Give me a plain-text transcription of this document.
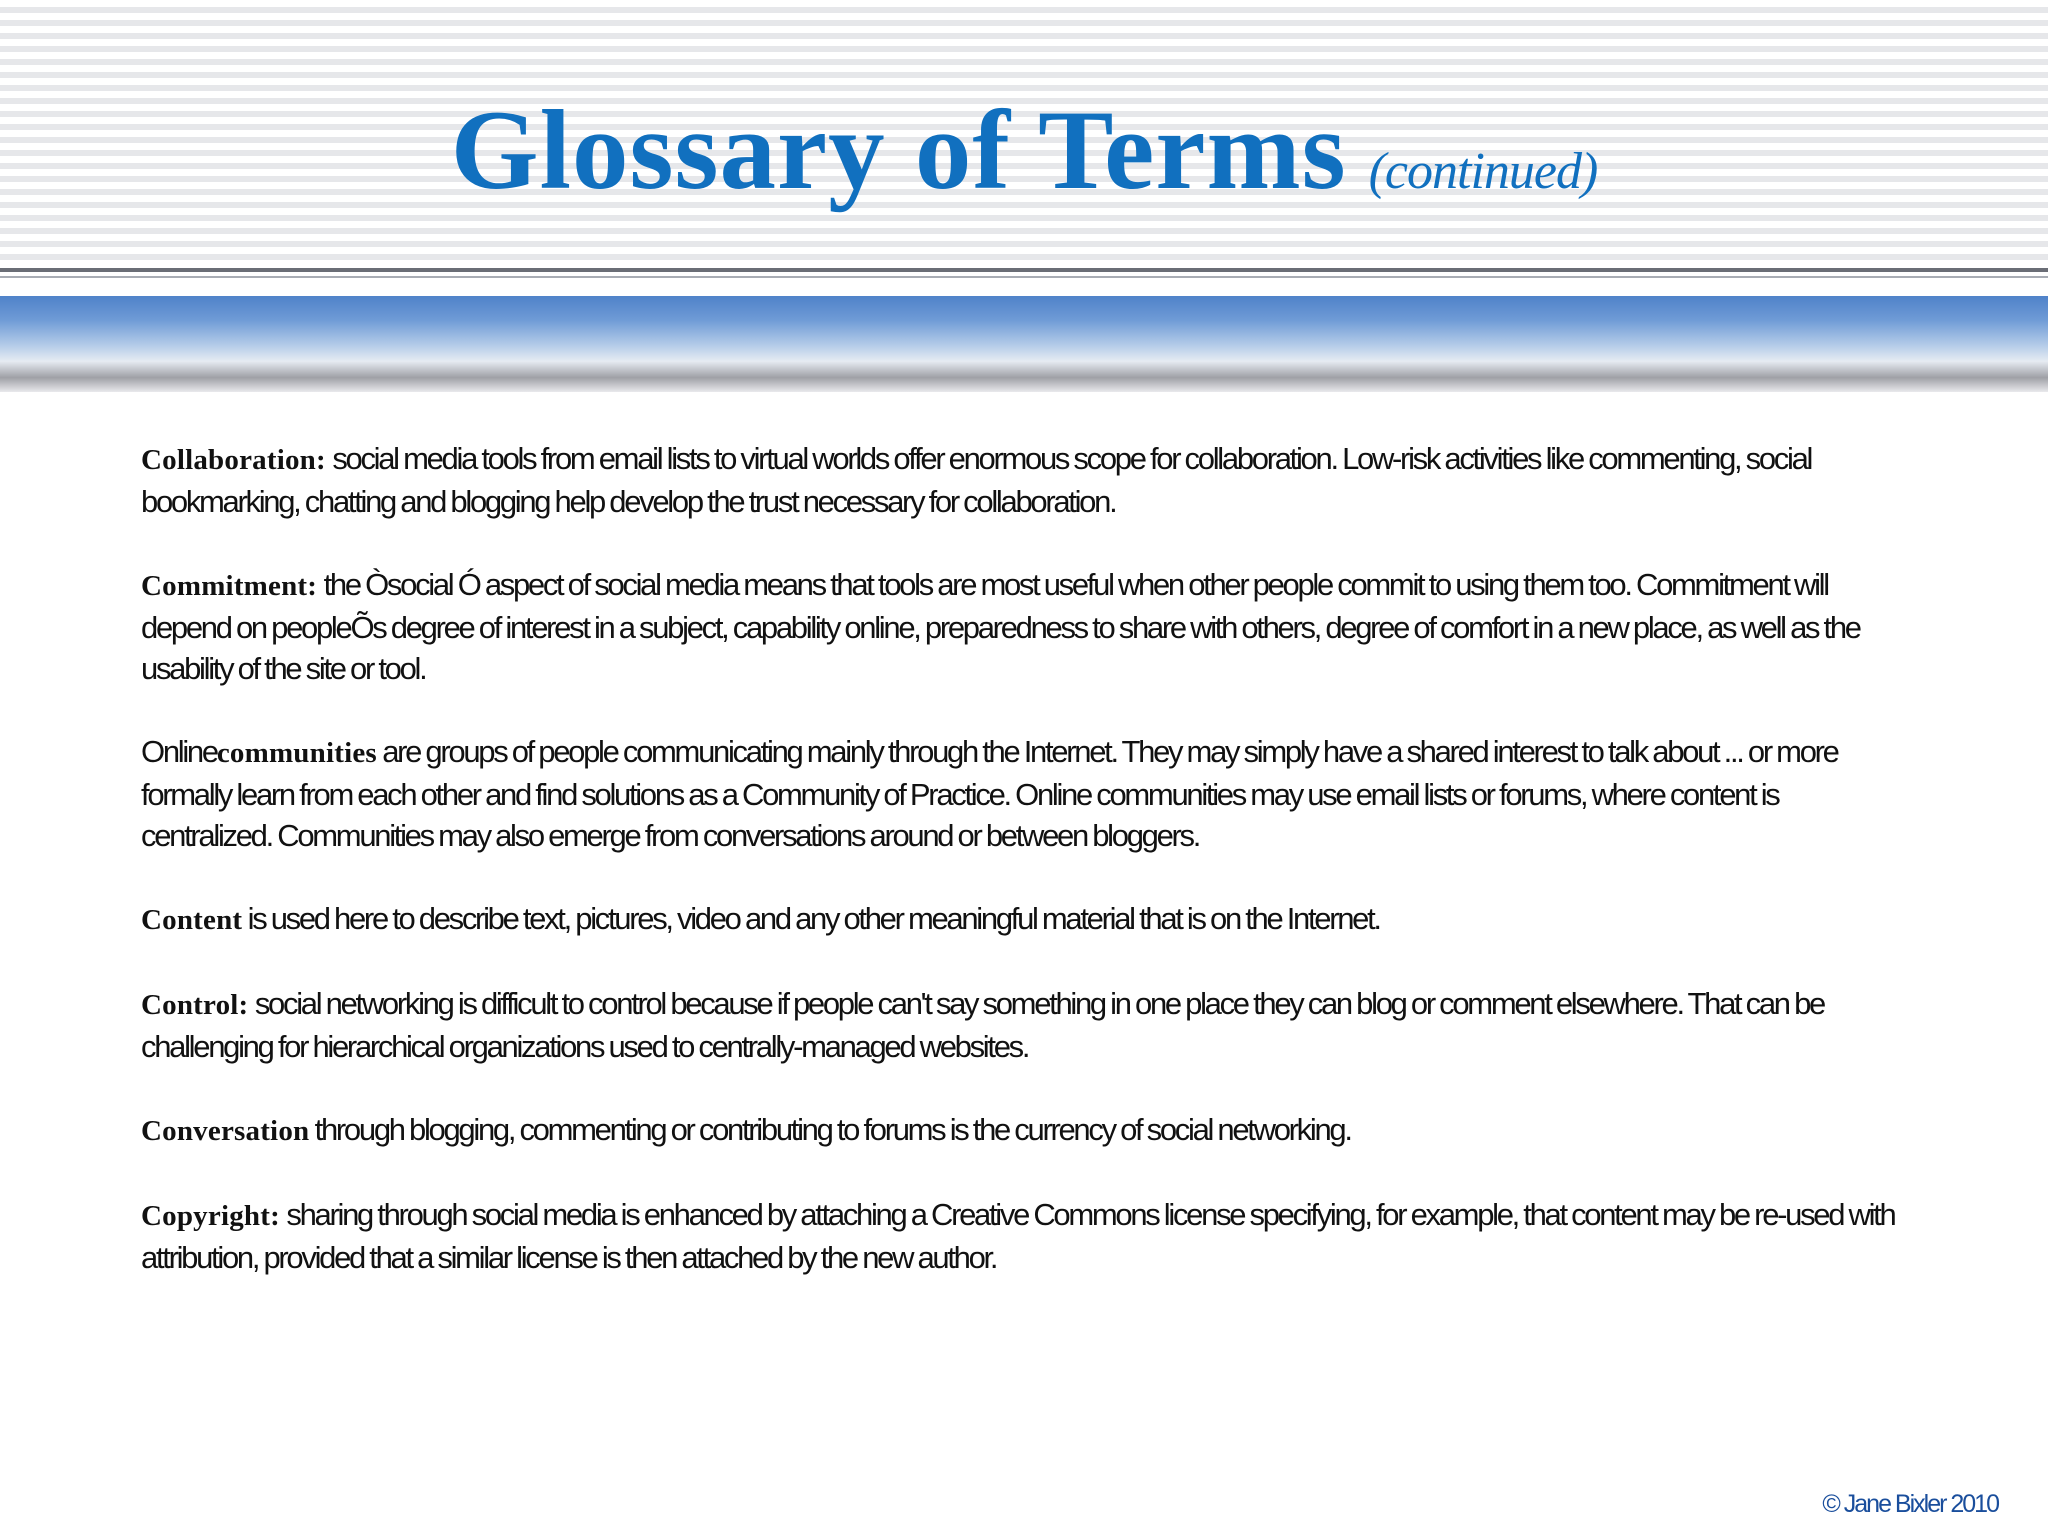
Glossary of Terms (continued)

Collaboration: social media tools from email lists to virtual worlds offer enormous scope for collaboration. Low-risk activities like commenting, social bookmarking, chatting and blogging help develop the trust necessary for collaboration.

Commitment: the Òsocial Ó aspect of social media means that tools are most useful when other people commit to using them too. Commitment will depend on peopleÕs degree of interest in a subject, capability online, preparedness to share with others, degree of comfort in a new place, as well as the usability of the site or tool.

Onlinecommunities are groups of people communicating mainly through the Internet. They may simply have a shared interest to talk about ... or more formally learn from each other and find solutions as a Community of Practice. Online communities may use email lists or forums, where content is centralized. Communities may also emerge from conversations around or between bloggers.

Content is used here to describe text, pictures, video and any other meaningful material that is on the Internet.

Control: social networking is difficult to control because if people can't say something in one place they can blog or comment elsewhere. That can be challenging for hierarchical organizations used to centrally-managed websites.

Conversation through blogging, commenting or contributing to forums is the currency of social networking.

Copyright: sharing through social media is enhanced by attaching a Creative Commons license specifying, for example, that content may be re-used with attribution, provided that a similar license is then attached by the new author.

© Jane Bixler 2010
